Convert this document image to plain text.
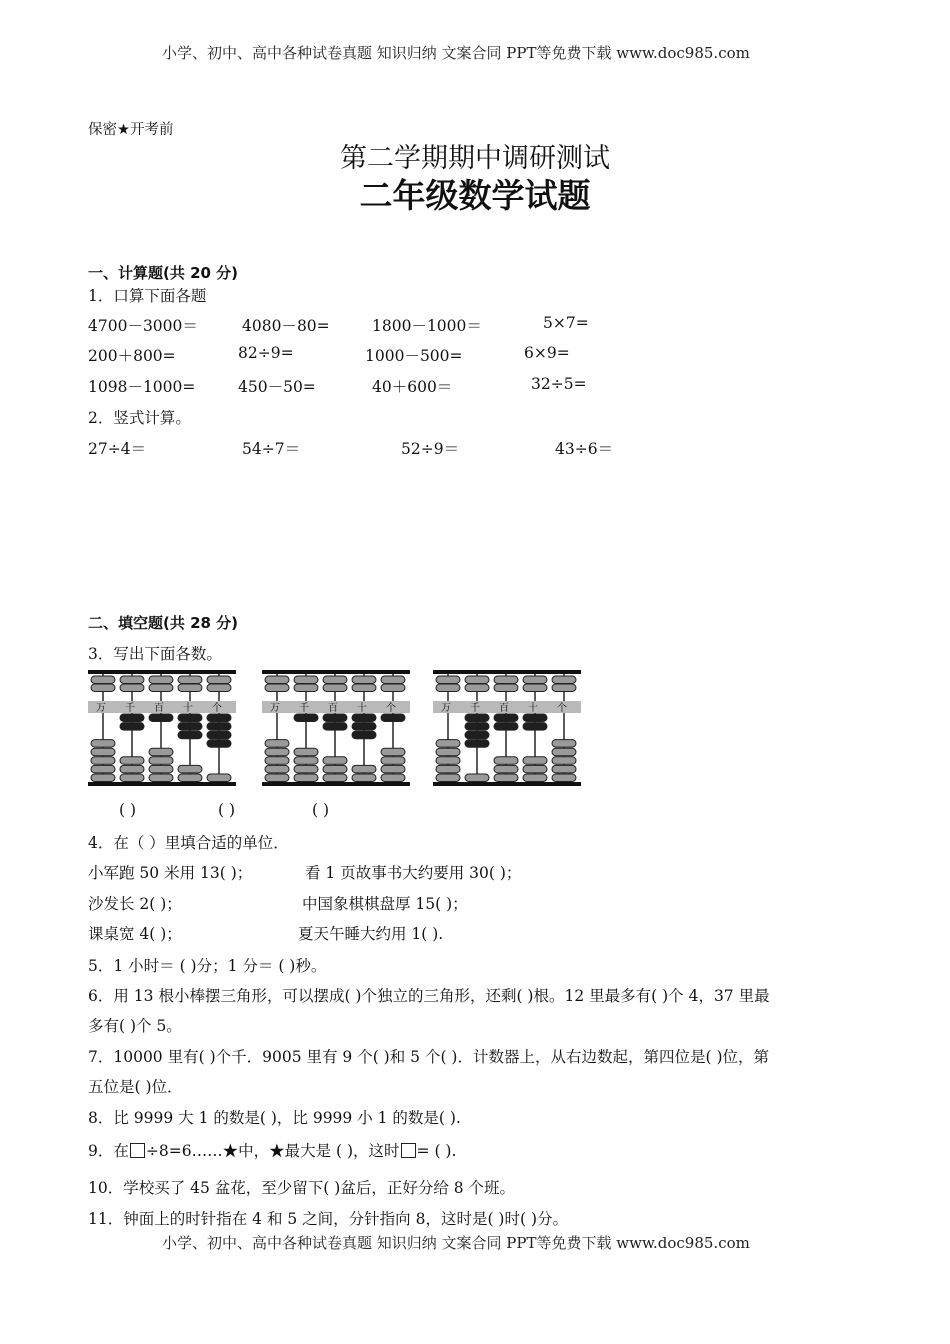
小学、初中、高中各种试卷真题 知识归纳 文案合同 PPT等免费下载 www.doc985.com
保密★开考前
第二学期期中调研测试
二年级数学试题
一、计算题(共 20 分)
1．口算下面各题
4700－3000＝	4080－80=	1800－1000＝	5×7=
200＋800=	82÷9=	1000－500=	6×9=
1098－1000=	450－50=	40＋600＝	32÷5=
2．竖式计算。
27÷4＝	54÷7＝	52÷9＝	43÷6＝
二、填空题(共 28 分)
3．写出下面各数。
万 千 百 十 个	万 千 百 十 个	万 千 百 十 个
( )	( )	( )
4．在（ ）里填合适的单位．
小军跑 50 米用 13( )；	看 1 页故事书大约要用 30( )；
沙发长 2( )；	中国象棋棋盘厚 15( )；
课桌宽 4( )；	夏天午睡大约用 1( ).
5．1 小时＝ ( )分；1 分＝ ( )秒。
6．用 13 根小棒摆三角形，可以摆成( )个独立的三角形，还剩( )根。12 里最多有( )个 4，37 里最
多有( )个 5。
7．10000 里有( )个千．9005 里有 9 个( )和 5 个( )．计数器上，从右边数起，第四位是( )位，第
五位是( )位．
8．比 9999 大 1 的数是( )，比 9999 小 1 的数是( ).
9．在 ÷8=6……★中，★最大是 ( )，这时 = ( ).
10．学校买了 45 盆花，至少留下( )盆后，正好分给 8 个班。
11．钟面上的时针指在 4 和 5 之间，分针指向 8，这时是( )时( )分。
小学、初中、高中各种试卷真题 知识归纳 文案合同 PPT等免费下载 www.doc985.com
